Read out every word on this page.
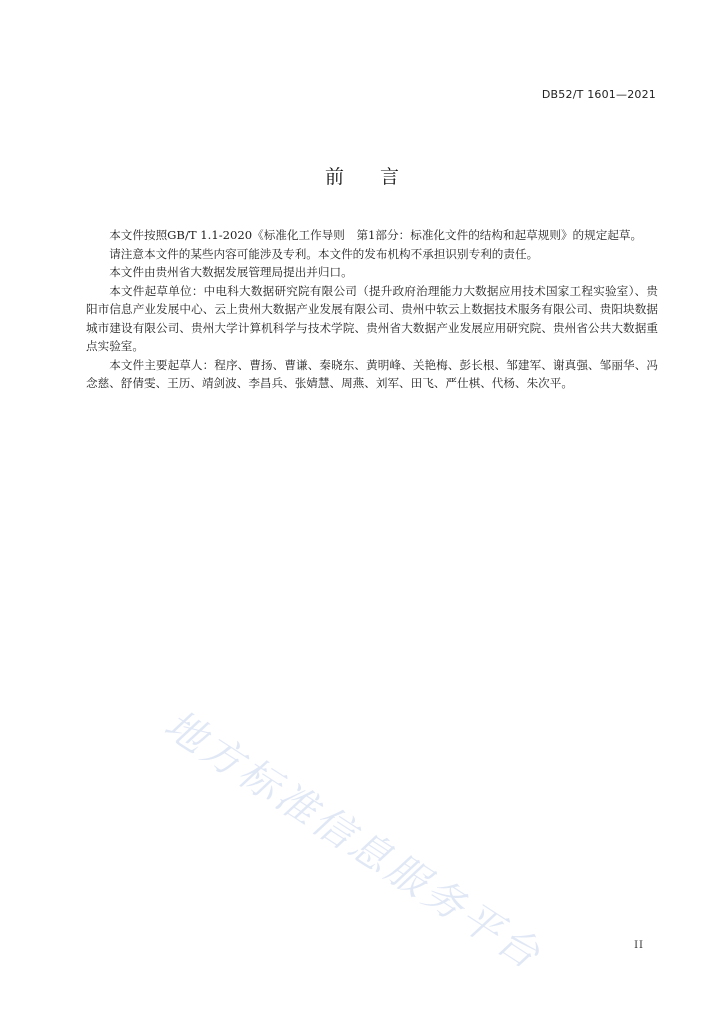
DB52/T 1601—2021
前言

本文件按照GB/T 1.1-2020《标准化工作导则　第1部分：标准化文件的结构和起草规则》的规定起草。

请注意本文件的某些内容可能涉及专利。本文件的发布机构不承担识别专利的责任。

本文件由贵州省大数据发展管理局提出并归口。

本文件起草单位：中电科大数据研究院有限公司（提升政府治理能力大数据应用技术国家工程实验室）、贵阳市信息产业发展中心、云上贵州大数据产业发展有限公司、贵州中软云上数据技术服务有限公司、贵阳块数据城市建设有限公司、贵州大学计算机科学与技术学院、贵州省大数据产业发展应用研究院、贵州省公共大数据重点实验室。

本文件主要起草人：程序、曹扬、曹谦、秦晓东、黄明峰、关艳梅、彭长根、邹建军、谢真强、邹丽华、冯念慈、舒倩雯、王历、靖剑波、李昌兵、张婧慧、周燕、刘军、田飞、严仕棋、代杨、朱次平。

地方标准信息服务平台	II
